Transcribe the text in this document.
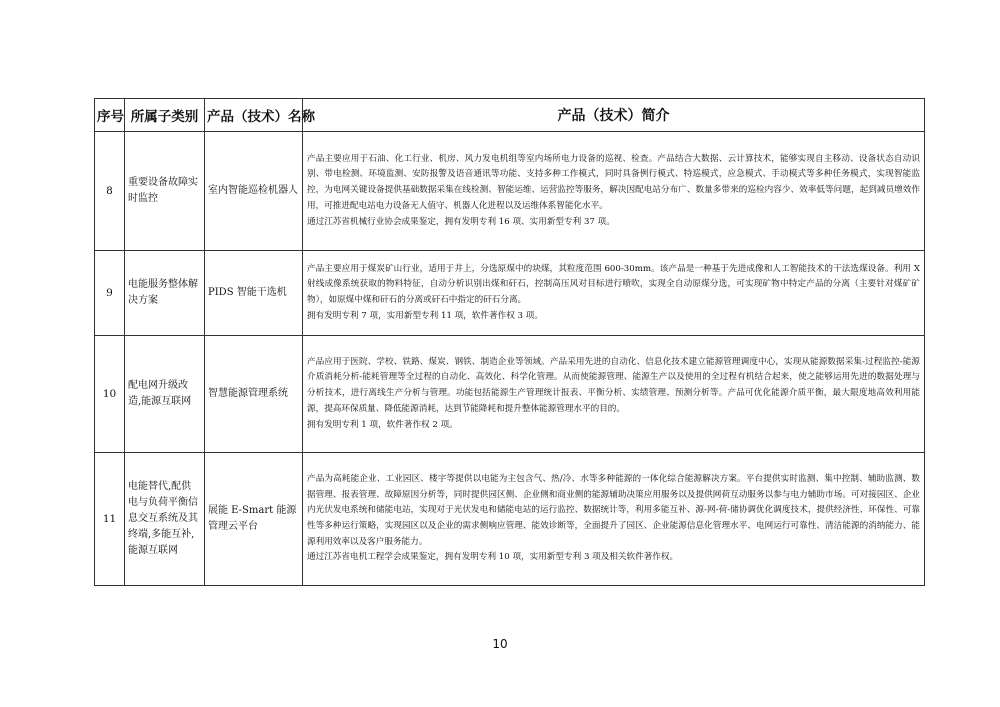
序号	所属子类别	产品（技术）名称	产品（技术）简介
8	重要设备故障实时监控	室内智能巡检机器人	产品主要应用于石油、化工行业、机房、风力发电机组等室内场所电力设备的巡视、检查。产品结合大数据、云计算技术，能够实现自主移动、设备状态自动识别、带电检测、环境监测、安防报警及语音通讯等功能、支持多种工作模式，同时具备例行模式、特巡模式，应急模式、手动模式等多种任务模式，实现智能监控，为电网关键设备提供基础数据采集在线检测、智能运维、运营监控等服务，解决因配电站分布广、数量多带来的巡检内容少、效率低等问题，起到减员增效作用，可推进配电站电力设备无人值守、机器人化进程以及运维体系智能化水平。

通过江苏省机械行业协会成果鉴定，拥有发明专利 16 项、实用新型专利 37 项。

9	电能服务整体解决方案	PIDS 智能干选机	产品主要应用于煤炭矿山行业，适用于井上，分选原煤中的块煤，其粒度范围 600-30mm。该产品是一种基于先进成像和人工智能技术的干法选煤设备。利用 X 射线成像系统获取的物料特征，自动分析识别出煤和矸石，控制高压风对目标进行喷吹，实现全自动原煤分选，可实现矿物中特定产品的分离（主要针对煤矿矿物），如原煤中煤和矸石的分离或矸石中指定的矸石分离。

拥有发明专利 7 项，实用新型专利 11 项，软件著作权 3 项。

10	配电网升级改造,能源互联网	智慧能源管理系统	产品应用于医院、学校、铁路、煤炭、钢铁、制造企业等领域。产品采用先进的自动化、信息化技术建立能源管理调度中心，实现从能源数据采集-过程监控-能源介质消耗分析-能耗管理等全过程的自动化、高效化、科学化管理。从而使能源管理、能源生产以及使用的全过程有机结合起来，使之能够运用先进的数据处理与分析技术，进行离线生产分析与管理。功能包括能源生产管理统计报表、平衡分析、实绩管理、预测分析等。产品可优化能源介质平衡，最大限度地高效利用能源，提高环保质量、降低能源消耗，达到节能降耗和提升整体能源管理水平的目的。

拥有发明专利 1 项，软件著作权 2 项。

11	电能替代,配供电与负荷平衡信息交互系统及其终端,多能互补,能源互联网	展能 E-Smart 能源管理云平台	产品为高耗能企业、工业园区、楼宇等提供以电能为主包含气、热/冷、水等多种能源的一体化综合能源解决方案。平台提供实时监测、集中控制、辅助监测、数据管理、报表管理、故障原因分析等，同时提供园区侧、企业侧和商业侧的能源辅助决策应用服务以及提供网荷互动服务以参与电力辅助市场。可对接园区、企业内光伏发电系统和储能电站，实现对于光伏发电和储能电站的运行监控、数据统计等，利用多能互补、源-网-荷-储协调优化调度技术，提供经济性、环保性、可靠性等多种运行策略，实现园区以及企业的需求侧响应管理、能效诊断等，全面提升了园区、企业能源信息化管理水平、电网运行可靠性、清洁能源的消纳能力、能源利用效率以及客户服务能力。

通过江苏省电机工程学会成果鉴定，拥有发明专利 10 项，实用新型专利 3 项及相关软件著作权。

10
